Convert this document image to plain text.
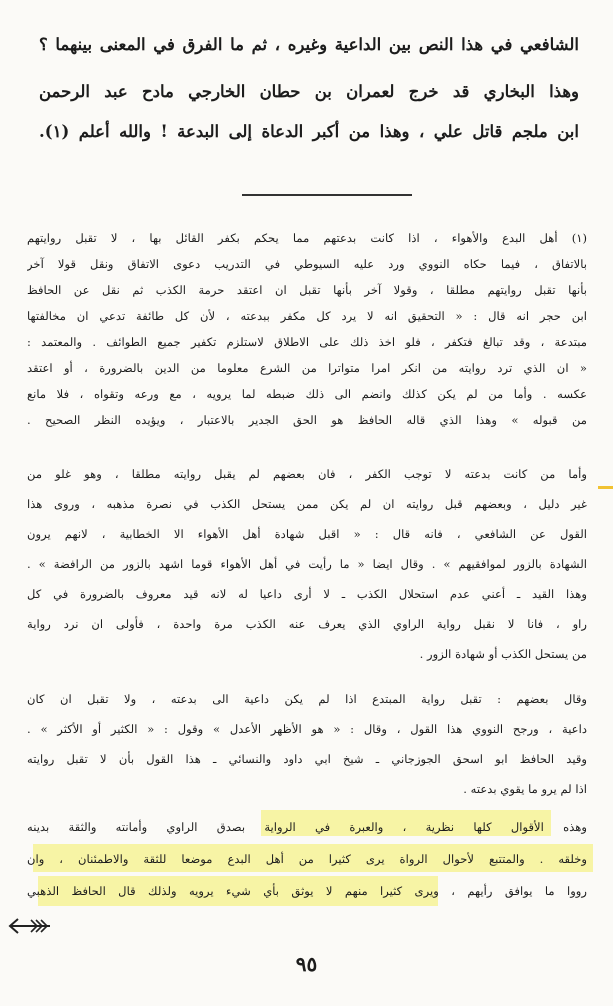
الشافعي في هذا النص بين الداعية وغيره ، ثم ما الفرق في المعنى بينهما ؟
وهذا البخاري قد خرج لعمران بن حطان الخارجي مادح عبد الرحمن
ابن ملجم قاتل علي ، وهذا من أكبر الدعاة إلى البدعة ! والله أعلم (١).
(١) أهل البدع والأهواء ، اذا كانت بدعتهم مما يحكم بكفر القائل بها ، لا تقبل روايتهم
بالاتفاق ، فيما حكاه النووي ورد عليه السيوطي في التدريب دعوى الاتفاق ونقل قولا آخر
بأنها تقبل روايتهم مطلقا ، وقولا آخر بأنها تقبل ان اعتقد حرمة الكذب ثم نقل عن الحافظ
ابن حجر انه قال : « التحقيق انه لا يرد كل مكفر ببدعته ، لأن كل طائفة تدعي ان مخالفتها
مبتدعة ، وقد تبالغ فتكفر ، فلو اخذ ذلك على الاطلاق لاستلزم تكفير جميع الطوائف . والمعتمد :
« ان الذي ترد روايته من انكر امرا متواترا من الشرع معلوما من الدين بالضرورة ، أو اعتقد
عكسه . وأما من لم يكن كذلك وانضم الى ذلك ضبطه لما يرويه ، مع ورعه وتقواه ، فلا مانع
من قبوله » وهذا الذي قاله الحافظ هو الحق الجدير بالاعتبار ، ويؤيده النظر الصحيح .
وأما من كانت بدعته لا توجب الكفر ، فان بعضهم لم يقبل روايته مطلقا ، وهو غلو من
غير دليل ، وبعضهم قبل روايته ان لم يكن ممن يستحل الكذب في نصرة مذهبه ، وروى هذا
القول عن الشافعي ، فانه قال : « اقبل شهادة أهل الأهواء الا الخطابية ، لانهم يرون
الشهادة بالزور لموافقيهم » . وقال ايضا « ما رأيت في أهل الأهواء قوما اشهد بالزور من الرافضة » .
وهذا القيد ـ أعني عدم استحلال الكذب ـ لا أرى داعيا له لانه قيد معروف بالضرورة في كل
راو ، فانا لا نقبل رواية الراوي الذي يعرف عنه الكذب مرة واحدة ، فأولى ان نرد رواية
من يستحل الكذب أو شهادة الزور .
وقال بعضهم : تقبل رواية المبتدع اذا لم يكن داعية الى بدعته ، ولا تقبل ان كان
داعية ، ورجح النووي هذا القول ، وقال : « هو الأظهر الأعدل » وقول : « الكثير أو الأكثر » .
وقيد الحافظ ابو اسحق الجوزجاني ـ شيخ ابي داود والنسائي ـ هذا القول بأن لا تقبل روايته
اذا لم يرو ما يقوي بدعته .
وهذه الأقوال كلها نظرية ، والعبرة في الرواية بصدق الراوي وأمانته والثقة بدينه
وخلقه . والمتتبع لأحوال الرواة يرى كثيرا من أهل البدع موضعا للثقة والاطمئنان ، وان
رووا ما يوافق رأيهم ، ويرى كثيرا منهم لا يوثق بأي شيء يرويه ولذلك قال الحافظ الذهبي
٩٥
